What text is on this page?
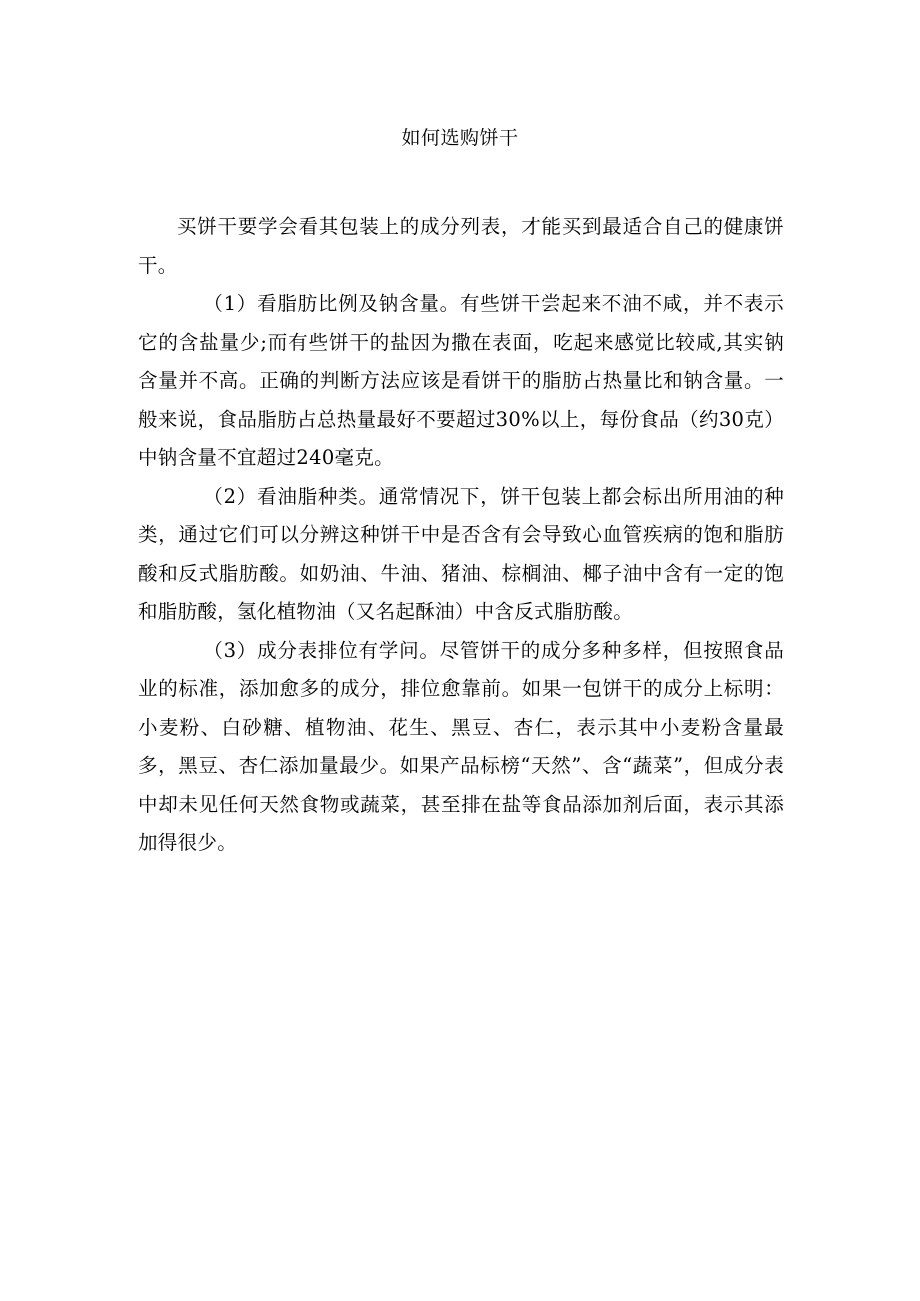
如何选购饼干

买饼干要学会看其包装上的成分列表，才能买到最适合自己的健康饼干。

（1）看脂肪比例及钠含量。有些饼干尝起来不油不咸，并不表示它的含盐量少;而有些饼干的盐因为撒在表面，吃起来感觉比较咸,其实钠含量并不高。正确的判断方法应该是看饼干的脂肪占热量比和钠含量。一般来说，食品脂肪占总热量最好不要超过30%以上，每份食品（约30克）中钠含量不宜超过240毫克。

（2）看油脂种类。通常情况下，饼干包装上都会标出所用油的种类，通过它们可以分辨这种饼干中是否含有会导致心血管疾病的饱和脂肪酸和反式脂肪酸。如奶油、牛油、猪油、棕榈油、椰子油中含有一定的饱和脂肪酸，氢化植物油（又名起酥油）中含反式脂肪酸。

（3）成分表排位有学问。尽管饼干的成分多种多样，但按照食品业的标准，添加愈多的成分，排位愈靠前。如果一包饼干的成分上标明：小麦粉、白砂糖、植物油、花生、黑豆、杏仁，表示其中小麦粉含量最多，黑豆、杏仁添加量最少。如果产品标榜“天然”、含“蔬菜”，但成分表中却未见任何天然食物或蔬菜，甚至排在盐等食品添加剂后面，表示其添加得很少。
